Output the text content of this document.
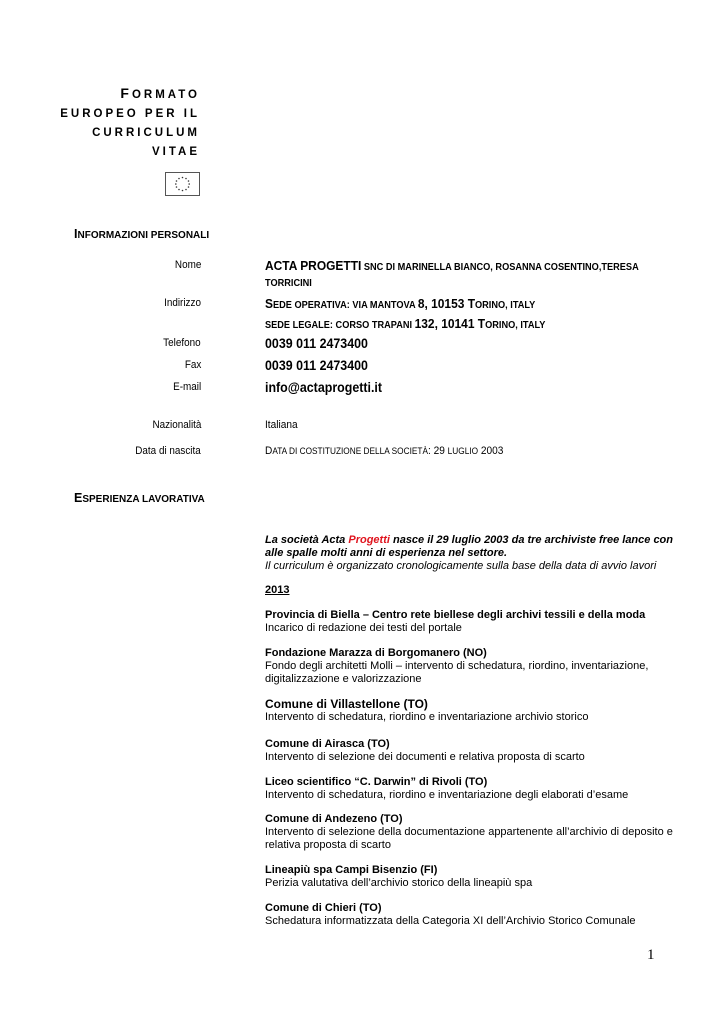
FORMATO
EUROPEO PER IL
CURRICULUM
VITAE
INFORMAZIONI PERSONALI
Nome	ACTA PROGETTI SNC DI MARINELLA BIANCO, ROSANNA COSENTINO,TERESA
TORRICINI
Indirizzo	SEDE OPERATIVA: VIA MANTOVA 8, 10153 TORINO, ITALY
SEDE LEGALE: CORSO TRAPANI 132, 10141 TORINO, ITALY
Telefono	0039 011 2473400
Fax	0039 011 2473400
E-mail	info@actaprogetti.it
Nazionalità	Italiana
Data di nascita	DATA DI COSTITUZIONE DELLA SOCIETÀ: 29 LUGLIO 2003
ESPERIENZA LAVORATIVA
La società Acta Progetti nasce il 29 luglio 2003 da tre archiviste free lance con alle spalle molti anni di esperienza nel settore.
Il curriculum è organizzato cronologicamente sulla base della data di avvio lavori
2013
Provincia di Biella – Centro rete biellese degli archivi tessili e della moda
Incarico di redazione dei testi del portale
Fondazione Marazza di Borgomanero (NO)
Fondo degli architetti Molli – intervento di schedatura, riordino, inventariazione, digitalizzazione e valorizzazione
Comune di Villastellone (TO)
Intervento di schedatura, riordino e inventariazione archivio storico
Comune di Airasca (TO)
Intervento di selezione dei documenti e relativa proposta di scarto
Liceo scientifico “C. Darwin” di Rivoli (TO)
Intervento di schedatura, riordino e inventariazione degli elaborati d’esame
Comune di Andezeno (TO)
Intervento di selezione della documentazione appartenente all’archivio di deposito e relativa proposta di scarto
Lineapiù spa Campi Bisenzio (FI)
Perizia valutativa dell’archivio storico della lineapiù spa
Comune di Chieri (TO)
Schedatura informatizzata della Categoria XI dell’Archivio Storico Comunale
1
